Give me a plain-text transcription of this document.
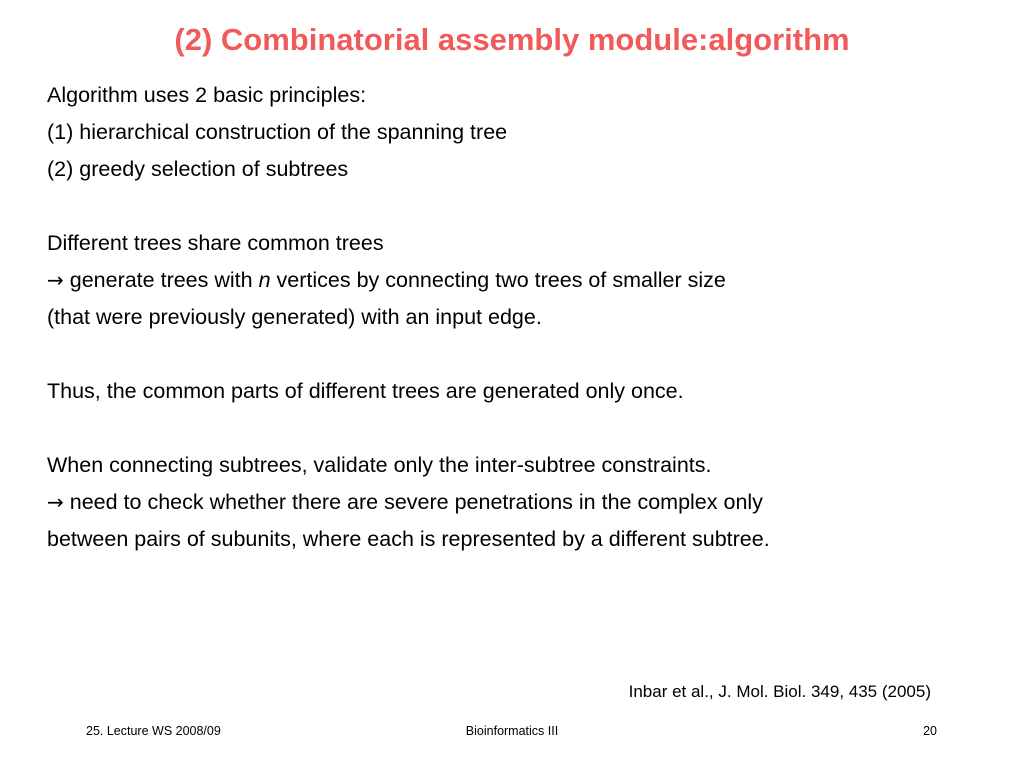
(2) Combinatorial assembly module:algorithm
Algorithm uses 2 basic principles:
(1) hierarchical construction of the spanning tree
(2) greedy selection of subtrees
Different trees share common trees
→ generate trees with n vertices by connecting two trees of smaller size
(that were previously generated) with an input edge.
Thus, the common parts of different trees are generated only once.
When connecting subtrees, validate only the inter-subtree constraints.
→ need to check whether there are severe penetrations in the complex only
between pairs of subunits, where each is represented by a different subtree.
Inbar et al., J. Mol. Biol. 349, 435 (2005)
25. Lecture WS 2008/09	Bioinformatics III	20
